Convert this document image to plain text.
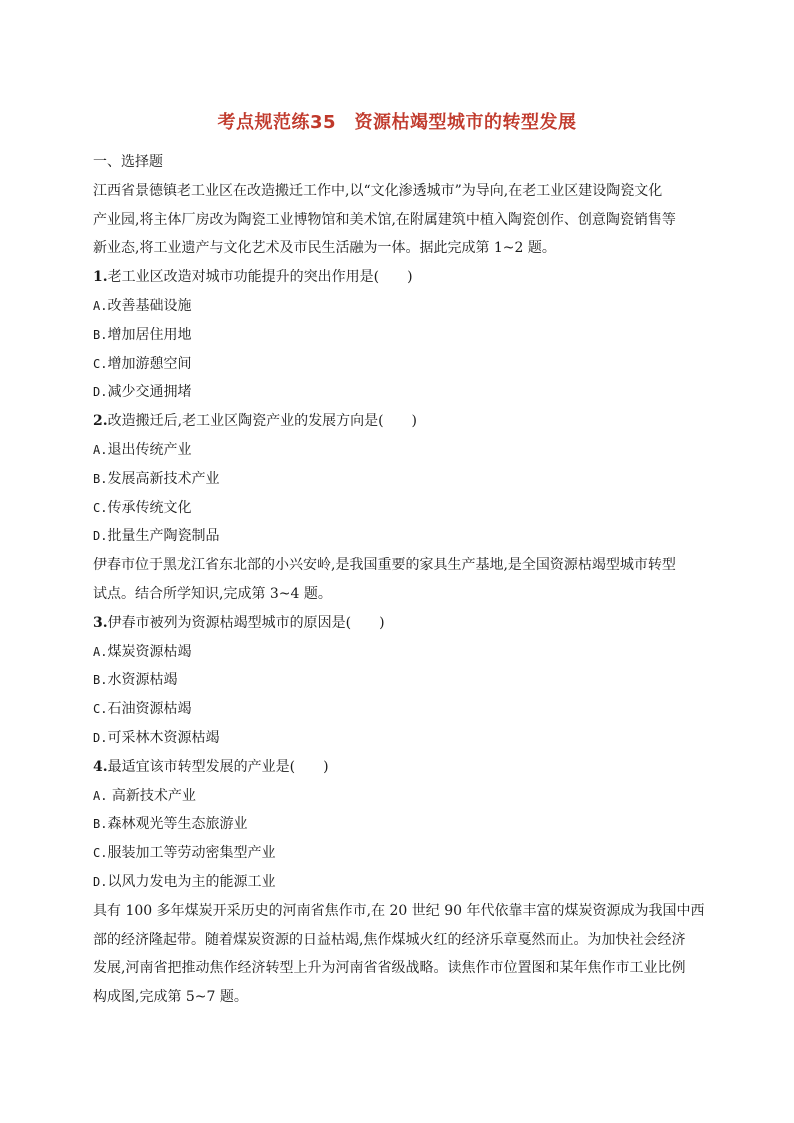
考点规范练35　资源枯竭型城市的转型发展
一、选择题
江西省景德镇老工业区在改造搬迁工作中,以“文化渗透城市”为导向,在老工业区建设陶瓷文化
产业园,将主体厂房改为陶瓷工业博物馆和美术馆,在附属建筑中植入陶瓷创作、创意陶瓷销售等
新业态,将工业遗产与文化艺术及市民生活融为一体。据此完成第 1~2 题。
1.老工业区改造对城市功能提升的突出作用是(　　)
A.改善基础设施
B.增加居住用地
C.增加游憩空间
D.减少交通拥堵
2.改造搬迁后,老工业区陶瓷产业的发展方向是(　　)
A.退出传统产业
B.发展高新技术产业
C.传承传统文化
D.批量生产陶瓷制品
伊春市位于黑龙江省东北部的小兴安岭,是我国重要的家具生产基地,是全国资源枯竭型城市转型
试点。结合所学知识,完成第 3~4 题。
3.伊春市被列为资源枯竭型城市的原因是(　　)
A.煤炭资源枯竭
B.水资源枯竭
C.石油资源枯竭
D.可采林木资源枯竭
4.最适宜该市转型发展的产业是(　　)
A. 高新技术产业
B.森林观光等生态旅游业
C.服装加工等劳动密集型产业
D.以风力发电为主的能源工业
具有 100 多年煤炭开采历史的河南省焦作市,在 20 世纪 90 年代依靠丰富的煤炭资源成为我国中西
部的经济隆起带。随着煤炭资源的日益枯竭,焦作煤城火红的经济乐章戛然而止。为加快社会经济
发展,河南省把推动焦作经济转型上升为河南省省级战略。读焦作市位置图和某年焦作市工业比例
构成图,完成第 5~7 题。
